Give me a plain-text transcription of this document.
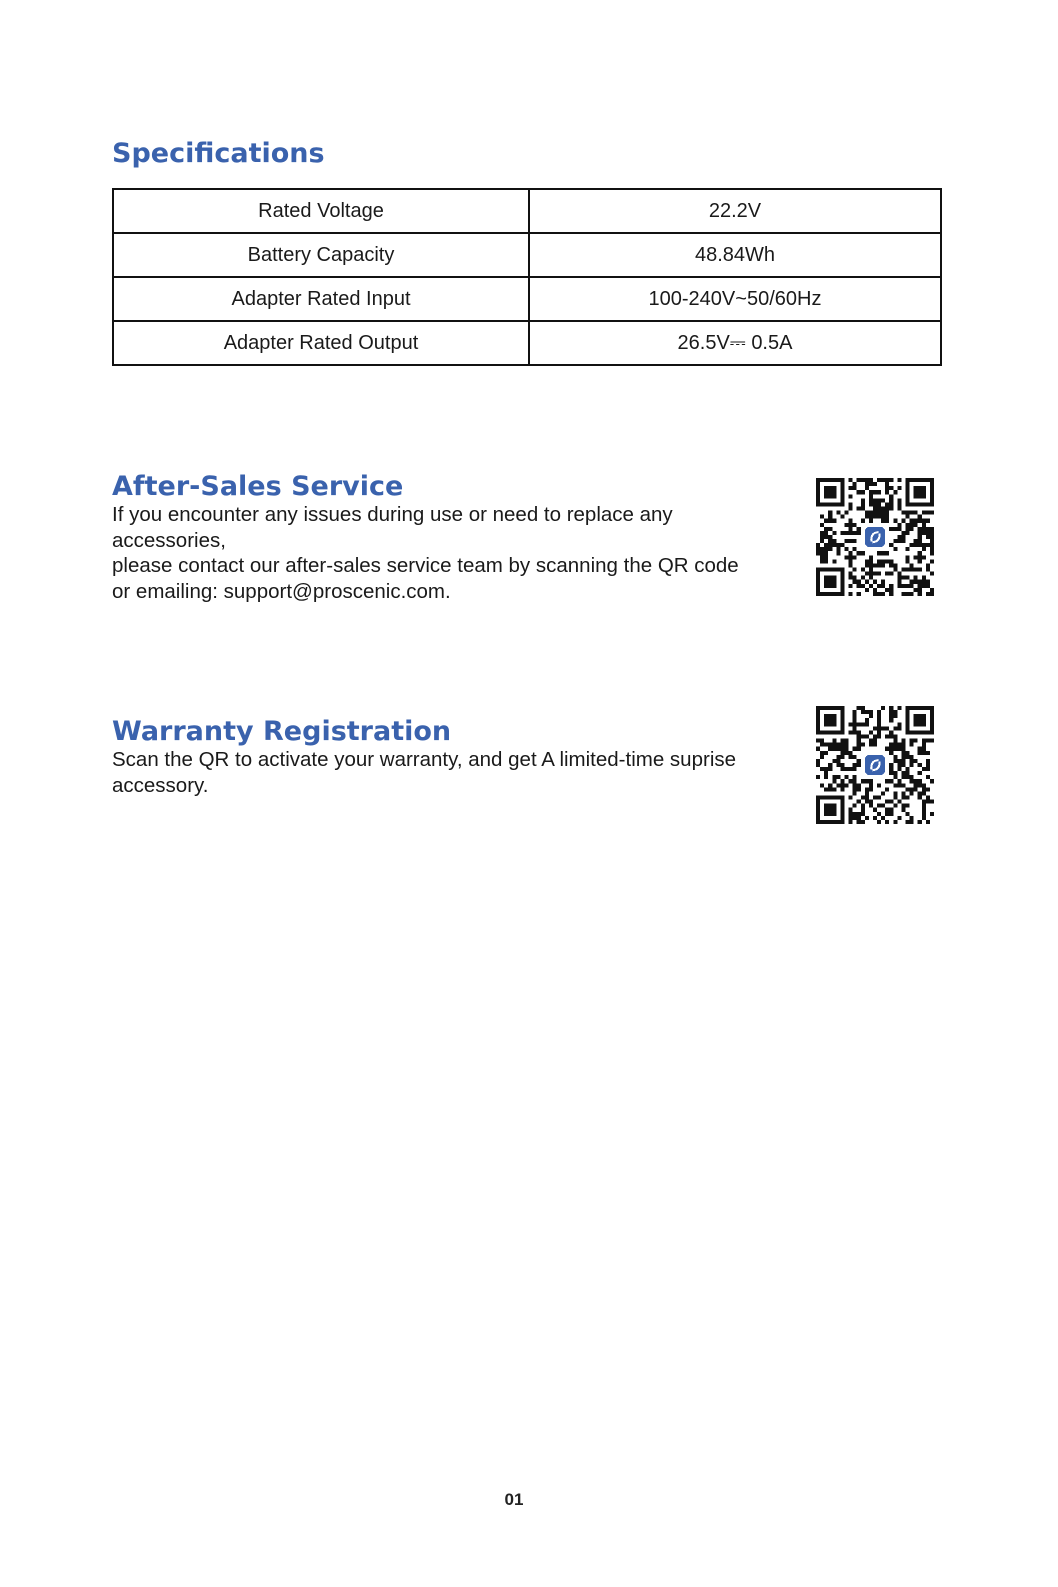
Specifications
Rated Voltage	22.2V
Battery Capacity	48.84Wh
Adapter Rated Input	100-240V~50/60Hz
Adapter Rated Output	26.5V⎓ 0.5A
After-Sales Service

If you encounter any issues during use or need to replace any accessories,

please contact our after-sales service team by scanning the QR code or emailing: support@proscenic.com.

Warranty Registration

Scan the QR to activate your warranty, and get A limited-time suprise accessory.

01
